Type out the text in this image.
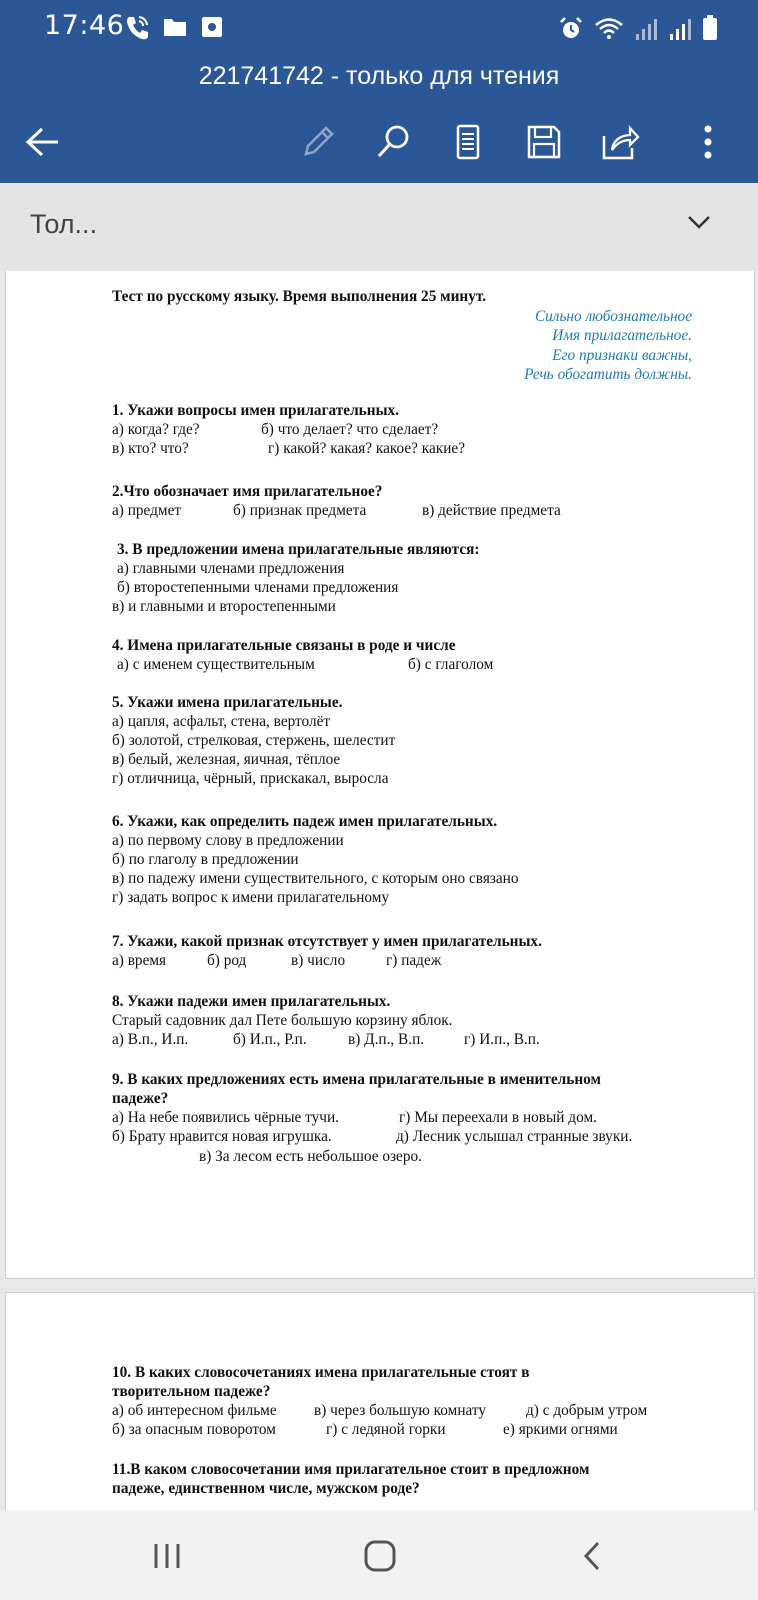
17:46
221741742 - только для чтения
Тол...
Тест по русскому языку. Время выполнения 25 минут.
Сильно любознательное
Имя прилагательное.
Его признаки важны,
Речь обогатить должны.
1. Укажи вопросы имен прилагательных.
а) когда? где?	б) что делает? что сделает?
в) кто? что?	г) какой? какая? какое? какие?
2.Что обозначает имя прилагательное?
а) предмет	б) признак предмета	в) действие предмета
3. В предложении имена прилагательные являются:
а) главными членами предложения
б) второстепенными членами предложения
в) и главными и второстепенными
4. Имена прилагательные связаны в роде и числе
а) с именем существительным	б) с глаголом
5. Укажи имена прилагательные.
а) цапля, асфальт, стена, вертолёт
б) золотой, стрелковая, стержень, шелестит
в) белый, железная, яичная, тёплое
г) отличница, чёрный, прискакал, выросла
6. Укажи, как определить падеж имен прилагательных.
а) по первому слову в предложении
б) по глаголу в предложении
в) по падежу имени существительного, с которым оно связано
г) задать вопрос к имени прилагательному
7. Укажи, какой признак отсутствует у имен прилагательных.
а) время	б) род	в) число	г) падеж
8. Укажи падежи имен прилагательных.
Старый садовник дал Пете большую корзину яблок.
а) В.п., И.п.	б) И.п., Р.п.	в) Д.п., В.п.	г) И.п., В.п.
9. В каких предложениях есть имена прилагательные в именительном
падеже?
а) На небе появились чёрные тучи.	г) Мы переехали в новый дом.
б) Брату нравится новая игрушка.	д) Лесник услышал странные звуки.
в) За лесом есть небольшое озеро.
10. В каких словосочетаниях имена прилагательные стоят в
творительном падеже?
а) об интересном фильме в) через большую комнату	д) с добрым утром
б) за опасным поворотом	г) с ледяной горки	е) яркими огнями
11.В каком словосочетании имя прилагательное стоит в предложном
падеже, единственном числе, мужском роде?
